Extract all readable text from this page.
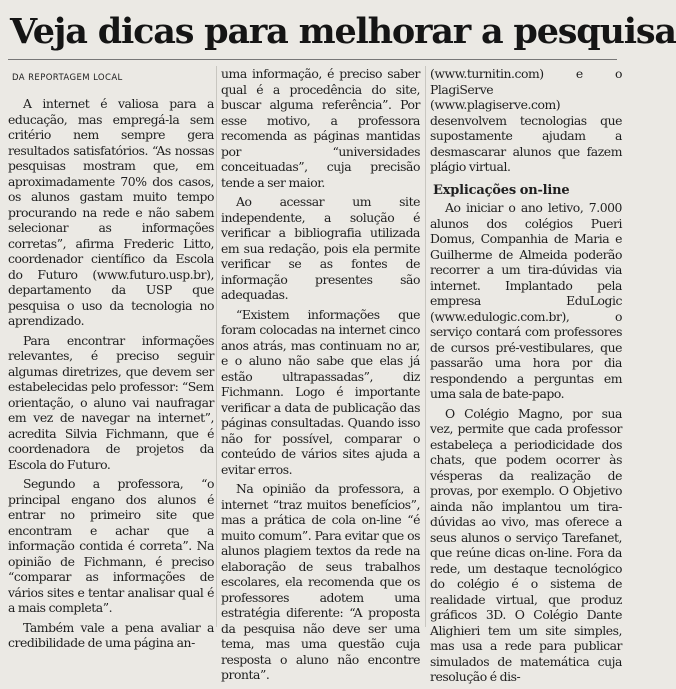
Veja dicas para melhorar a pesquisa
DA REPORTAGEM LOCAL

A internet é valiosa para a educação, mas empregá-la sem critério nem sempre gera resultados satisfatórios. “As nossas pesquisas mostram que, em aproximadamente 70% dos casos, os alunos gastam muito tempo procurando na rede e não sabem selecionar as informações corretas”, afirma Frederic Litto, coordenador científico da Escola do Futuro (www.futuro.usp.br), departamento da USP que pesquisa o uso da tecnologia no aprendizado.

Para encontrar informações relevantes, é preciso seguir algumas diretrizes, que devem ser estabelecidas pelo professor: “Sem orientação, o aluno vai naufragar em vez de navegar na internet”, acredita Silvia Fichmann, que é coordenadora de projetos da Escola do Futuro.

Segundo a professora, “o principal engano dos alunos é entrar no primeiro site que encontram e achar que a informação contida é correta”. Na opinião de Fichmann, é preciso “comparar as informações de vários sites e tentar analisar qual é a mais completa”.

Também vale a pena avaliar a credibilidade de uma página an-

uma informação, é preciso saber qual é a procedência do site, buscar alguma referência”. Por esse motivo, a professora recomenda as páginas mantidas por “universidades conceituadas”, cuja precisão tende a ser maior.

Ao acessar um site independente, a solução é verificar a bibliografia utilizada em sua redação, pois ela permite verificar se as fontes de informação presentes são adequadas.

“Existem informações que foram colocadas na internet cinco anos atrás, mas continuam no ar, e o aluno não sabe que elas já estão ultrapassadas”, diz Fichmann. Logo é importante verificar a data de publicação das páginas consultadas. Quando isso não for possível, comparar o conteúdo de vários sites ajuda a evitar erros.

Na opinião da professora, a internet “traz muitos benefícios”, mas a prática de cola on-line “é muito comum”. Para evitar que os alunos plagiem textos da rede na elaboração de seus trabalhos escolares, ela recomenda que os professores adotem uma estratégia diferente: “A proposta da pesquisa não deve ser uma tema, mas uma questão cuja resposta o aluno não encontre pronta”.

(www.turnitin.com) e o PlagiServe (www.plagiserve.com) desenvolvem tecnologias que supostamente ajudam a desmascarar alunos que fazem plágio virtual.

Explicações on-line

Ao iniciar o ano letivo, 7.000 alunos dos colégios Pueri Domus, Companhia de Maria e Guilherme de Almeida poderão recorrer a um tira-dúvidas via internet. Implantado pela empresa EduLogic (www.edulogic.com.br), o serviço contará com professores de cursos pré-vestibulares, que passarão uma hora por dia respondendo a perguntas em uma sala de bate-papo.

O Colégio Magno, por sua vez, permite que cada professor estabeleça a periodicidade dos chats, que podem ocorrer às vésperas da realização de provas, por exemplo. O Objetivo ainda não implantou um tira-dúvidas ao vivo, mas oferece a seus alunos o serviço Tarefanet, que reúne dicas on-line. Fora da rede, um destaque tecnológico do colégio é o sistema de realidade virtual, que produz gráficos 3D. O Colégio Dante Alighieri tem um site simples, mas usa a rede para publicar simulados de matemática cuja resolução é dis-
